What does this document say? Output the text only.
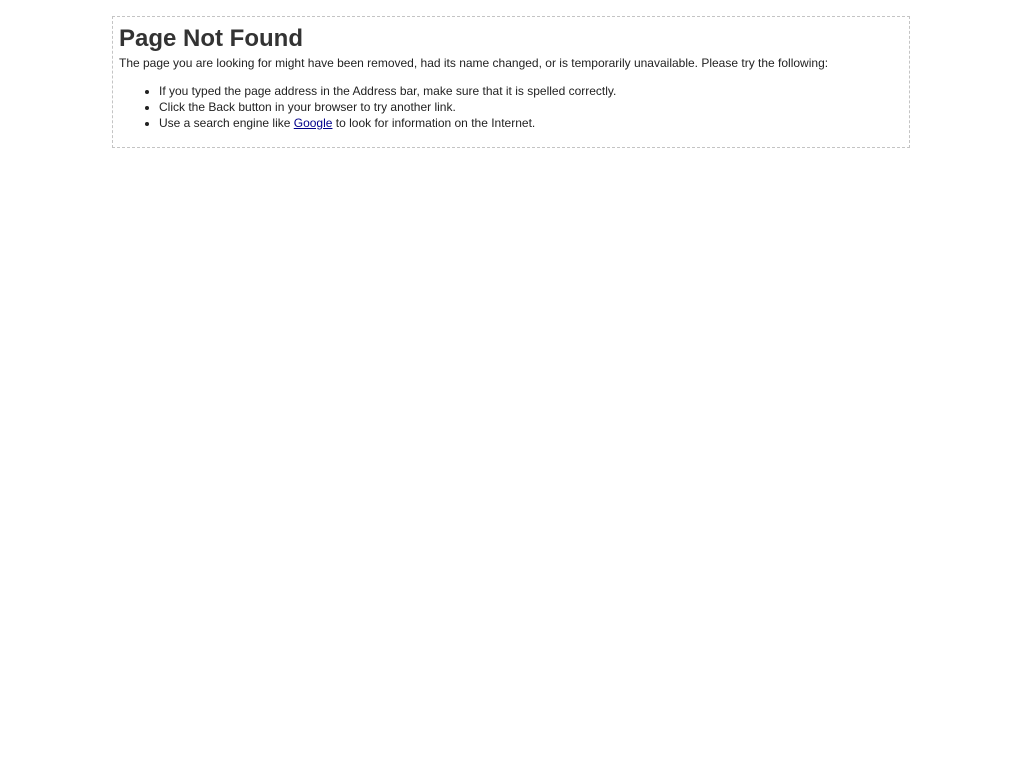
Page Not Found

The page you are looking for might have been removed, had its name changed, or is temporarily unavailable. Please try the following:

• If you typed the page address in the Address bar, make sure that it is spelled correctly.
• Click the Back button in your browser to try another link.
• Use a search engine like Google to look for information on the Internet.
